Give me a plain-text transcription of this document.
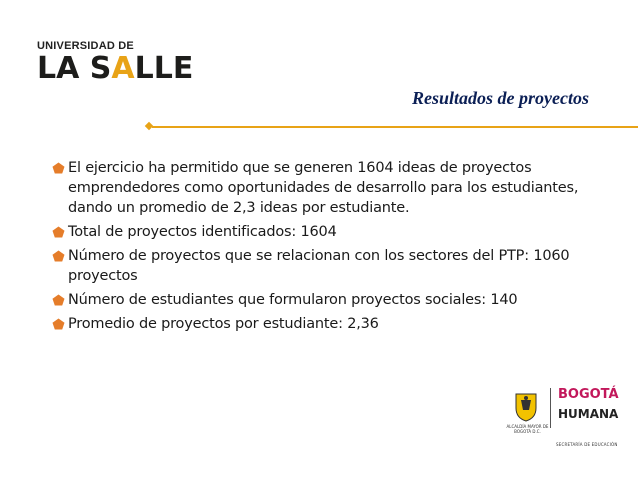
UNIVERSIDAD DE
LA SALLE
Resultados de proyectos
El ejercicio ha permitido que se generen 1604 ideas de proyectos emprendedores como oportunidades de desarrollo para los estudiantes, dando un promedio de 2,3 ideas por estudiante.
Total de proyectos identificados: 1604
Número de proyectos que se relacionan con los sectores del PTP: 1060 proyectos
Número de estudiantes que formularon proyectos sociales: 140
Promedio de proyectos por estudiante: 2,36
ALCALDÍA MAYOR DE BOGOTÁ D.C.
BOGOTÁ
HUMANA
SECRETARÍA DE EDUCACIÓN
